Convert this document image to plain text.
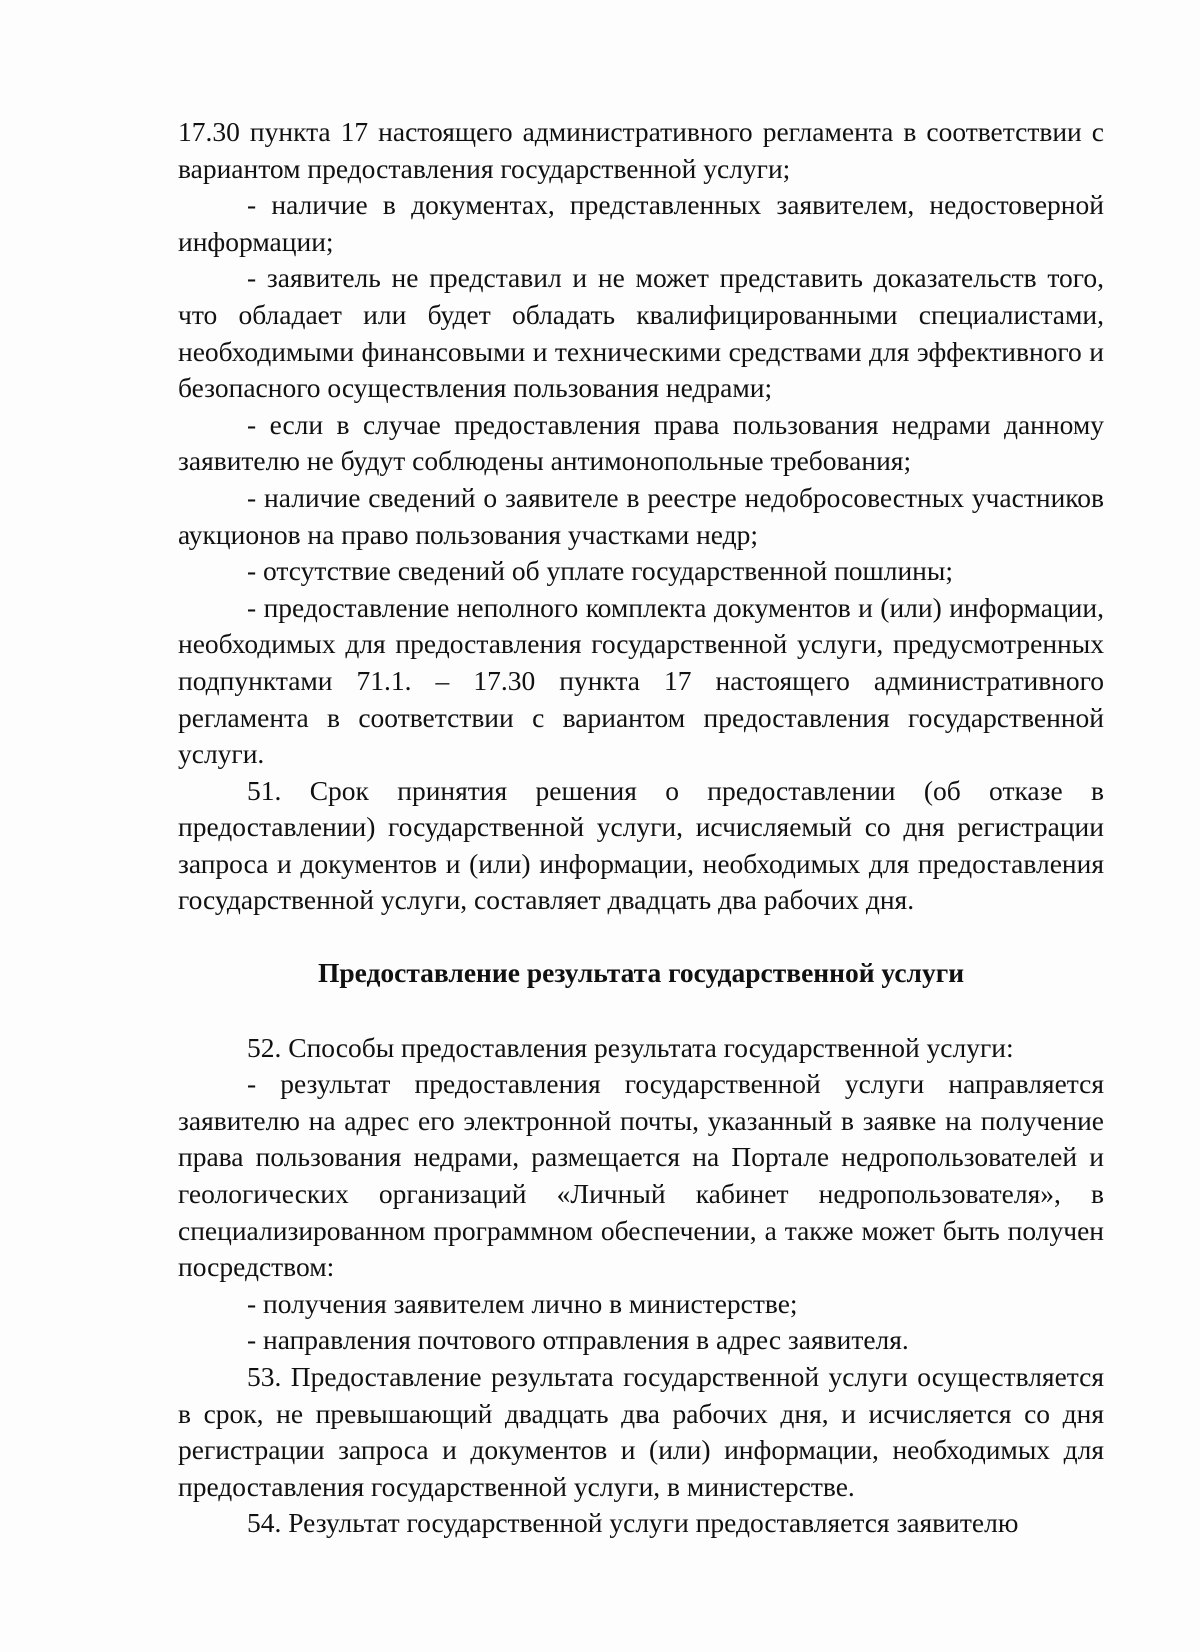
17.30 пункта 17 настоящего административного регламента в соответствии с вариантом предоставления государственной услуги;

- наличие в документах, представленных заявителем, недостоверной информации;

- заявитель не представил и не может представить доказательств того, что обладает или будет обладать квалифицированными специалистами, необходимыми финансовыми и техническими средствами для эффективного и безопасного осуществления пользования недрами;

- если в случае предоставления права пользования недрами данному заявителю не будут соблюдены антимонопольные требования;

- наличие сведений о заявителе в реестре недобросовестных участников аукционов на право пользования участками недр;

- отсутствие сведений об уплате государственной пошлины;

- предоставление неполного комплекта документов и (или) информации, необходимых для предоставления государственной услуги, предусмотренных подпунктами 71.1. – 17.30 пункта 17 настоящего административного регламента в соответствии с вариантом предоставления государственной услуги.

51. Срок принятия решения о предоставлении (об отказе в предоставлении) государственной услуги, исчисляемый со дня регистрации запроса и документов и (или) информации, необходимых для предоставления государственной услуги, составляет двадцать два рабочих дня.

Предоставление результата государственной услуги

52. Способы предоставления результата государственной услуги:

- результат предоставления государственной услуги направляется заявителю на адрес его электронной почты, указанный в заявке на получение права пользования недрами, размещается на Портале недропользователей и геологических организаций «Личный кабинет недропользователя», в специализированном программном обеспечении, а также может быть получен посредством:

- получения заявителем лично в министерстве;

- направления почтового отправления в адрес заявителя.

53. Предоставление результата государственной услуги осуществляется в срок, не превышающий двадцать два рабочих дня, и исчисляется со дня регистрации запроса и документов и (или) информации, необходимых для предоставления государственной услуги, в министерстве.

54. Результат государственной услуги предоставляется заявителю
